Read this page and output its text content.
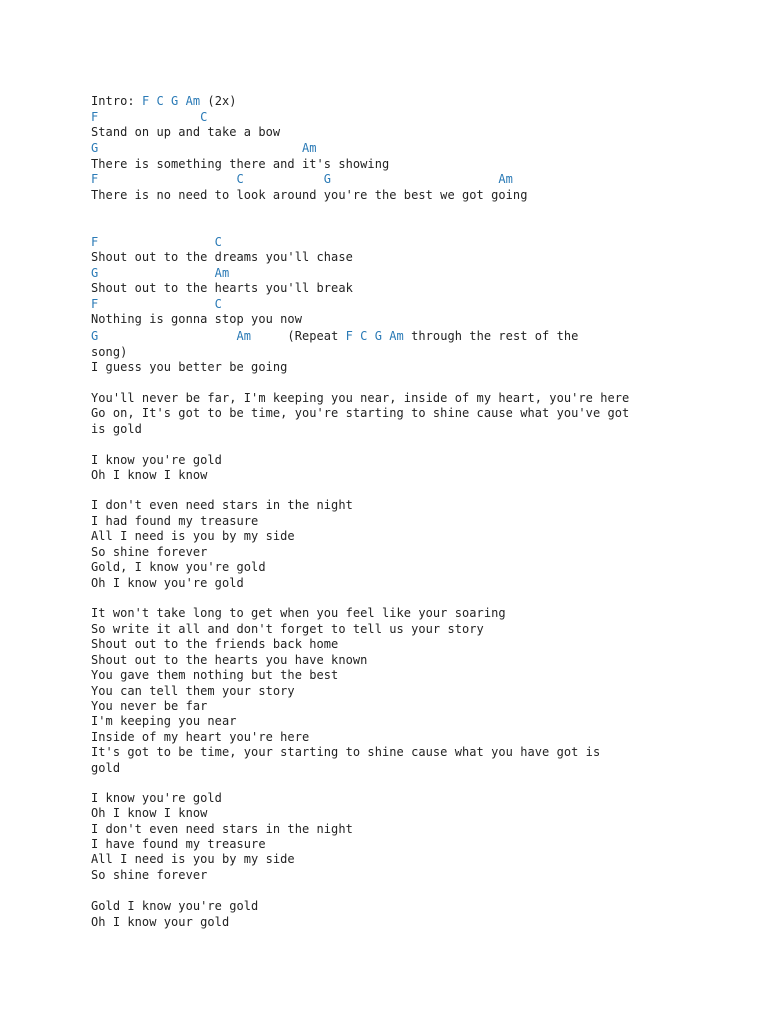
Intro: F C G Am (2x)
F              C
Stand on up and take a bow
G                            Am
There is something there and it's showing
F                   C           G                       Am
There is no need to look around you're the best we got going
F                C
Shout out to the dreams you'll chase
G                Am
Shout out to the hearts you'll break
F                C
Nothing is gonna stop you now
G                   Am     (Repeat F C G Am through the rest of the
song)
I guess you better be going
You'll never be far, I'm keeping you near, inside of my heart, you're here
Go on, It's got to be time, you're starting to shine cause what you've got
is gold
I know you're gold
Oh I know I know
I don't even need stars in the night
I had found my treasure
All I need is you by my side
So shine forever
Gold, I know you're gold
Oh I know you're gold
It won't take long to get when you feel like your soaring
So write it all and don't forget to tell us your story
Shout out to the friends back home
Shout out to the hearts you have known
You gave them nothing but the best
You can tell them your story
You never be far
I'm keeping you near
Inside of my heart you're here
It's got to be time, your starting to shine cause what you have got is
gold
I know you're gold
Oh I know I know
I don't even need stars in the night
I have found my treasure
All I need is you by my side
So shine forever
Gold I know you're gold
Oh I know your gold
